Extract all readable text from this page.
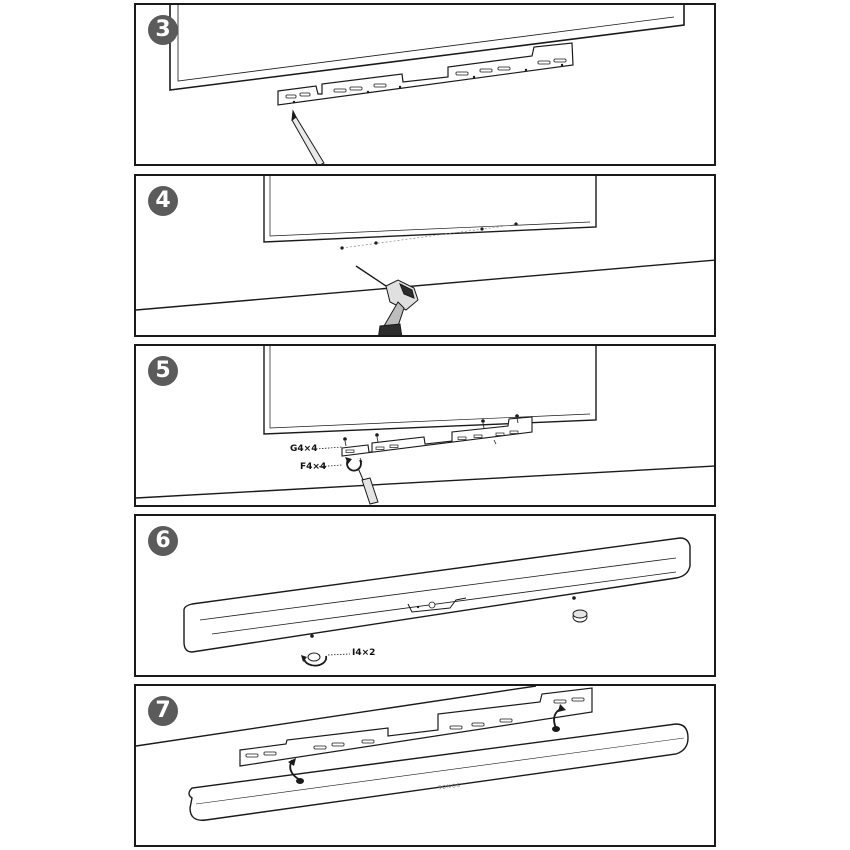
3
4
5
G4×4
F4×4
6
I4×2
7
SONOS
